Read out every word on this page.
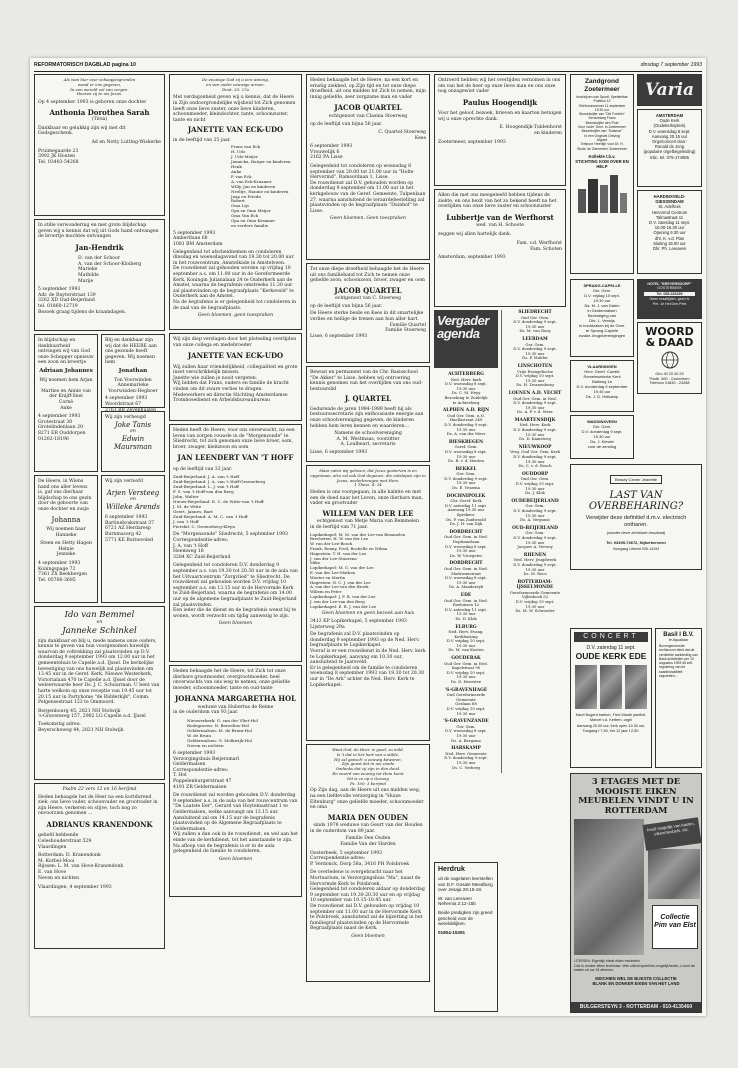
REFORMATORISCH DAGBLAD pagina 10	dinsdag 7 september 1993
Als wan hier over schaapjesgronden
wand er ons gegeven,
In een wereld vol van zorgen.
Heeren zij te uw Jezus.
Op 4 september 1993 is geboren onze dochter
Anthonia Dorothea Sarah
(Tirsa)
Dankbaar en gelukkig zijn wij met dit Godsgeschenk.
Ad en Netty Lutting-Wiskerke
Pruimegaarde 23
3992 JK Houten
Tel. 03403-54268
In stille verwondering en met grote blijdschap geven wij u kennis dat wij uit Gods hand ontvangen de broertje muchtes ontvangen
Jan-Hendrik
D. van der Schoor
A. van der Schoor-Kloiberg
Marieke
Mathilde
Marije
5 september 1993
Adr. de Ruyterstraat 139
3262 XD Oud-Beijerland
tel. 01860-12719
Bezoek graag tijdens de kraamdagen.
In blijdschap en dankbaarheid ontvingen wij van God onze Schepper opnieuw een zoon en broertje
Adriaan Johannes
Wij noemen hem Arjan

Marties en Annie van der Knijff-Snel
Cornè
Anke
4 september 1993
Grotestraat 30
Grotelindenlaan 20
8271 ER Ouddorpen
01202-18196
Blij en dankbaar zijn wij dat de HEERE aan ons gezonde heeft gegeven. Wij noemen hem
Jonathan
Ton Voorwinden
Annemarieke
Voorwinden-Hegboer
4 september 1993
Woordstraat 67
2761 BB Zevenhuizen
Wij zijn verheugd
Joke Tanis
en
Edwin Maursman
De Heere, in Wiens hand ons aller levens is, gaf ons dierbaar blijdschap te ons gezin door de geboorte van onze dochter en zusje
Johanna
Wij noemen haar
Hanneke
Steen en Hetty Hagen
Helnie
Jenneke
4 september 1993
Koningspage 72
7361 ZX Beekbergen
Tel. 05766-3685
Wij zijn verloofd
Arjen Versteeg
en
Willeke Arends
6 september 1993
Bartinebrakstraat 37
6721 AZ Herdaresp
Burnmacerg 42
5771 KE Burnevoled
Ido van Bemmel
en
Janneke Schinkel
zijn dankbaar en blij u, mede namens onze ouders, kennis te geven van hun voorgenomen huwelijk waarvan de voltrekking zal plaatsvinden op D.V. donderdag 9 september 1993 om 12.00 uur in het gemeentehuis te Capelle a.d. IJssel. De kerkelijke bevestiging van ons huwelijk zal plaatsvinden om 13.45 uur in de Geref. Kerk, Nieuwe Westerkerk, Victorialaan 470 te Capelle a.d. IJssel door de weleerwaarde heer Ds. J. C. Schuurman. U bent van harte welkom op onze receptie van 19.45 uur tot 20.15 uur in Partyhome "de Ridderkijk", Comm. Pelgensestraat 123 te Ommoord.
Bergenbourg 45, 2821 NH Stolwijk
's-Gravenweg 157, 2902 LG Capelle a.d. IJssel
Toekomstig adres:
Beyerscheweg 44, 2821 NH Stolwijk
Psalm 22 vers 12 en 16 berijmd
Heden behaagde het de Heer na een kortdurend ziek, ons lieve vader, schoonvader en grootvader in zijn Heere, verkeren en stijve, toch nog zo onvoorzien genomen ...
ADRIANUS KRANENDONK
geliefd hebbende
Celeshouderstraat 529
Vlaardingen
Rotterdam: D. Kranendonk
M. Korbel-Mooi
Rijssen: L. M. van Hove-Kranendonk
E. van Hove
Neven en nichten
Vlaardingen, 4 september 1993
De eeuwige God zij u een woning,
en van onder eeuwige armen.
Deut. 33: 27a
Met verdagonheid geven wij u kennis, dat de Heere in Zijn ondoorgrondelijke wijsheid tot Zich genomen heeft onze lieve zuster, onze lieve kinderen, schoonmoeder, kleindochter, tante, schoonzuster, tante en nicht
JANETTE VAN ECK-UDO
in de leeftijd van 25 jaar.
Frans van Eck
H. Udo
J. Udo-Meijer
Jannicka, Rutger en kinderen
Henk
Anke
P. van Eck
A. van Eck-Kraamer
Willy, Jan en kinderen
Neeltje, Hannie en kinderen
Jaap en Frieda
Robert
Oma Lijs
Opa en Oma Meijer
Oma Van Eck
Opa en Oma Kraamer
en verdere familie
5 september 1993
Ambertlaan 68
1081 BM Amsterdam
Gelegenheid tot afscheidnemen en condoleren dinsdag en woensdagavond van 19.30 tot 20.00 uur in het rouwcentrum, Amstelkade in Amstelveen.
De rouwdienst zal gehouden worden op vrijdag 10 september a.s. om 11.00 uur in de Gereformeerde Kerk, Koningin Julianalaan 24 te Ouderkerk aan de Amstel, waarna de begrafenis omstreeks 11.30 uur zal plaatsvinden op de begraafplaats "Kerkeveld" te Ouderkerk aan de Amstel.
Na de begrafenis is er gelegenheid tot condoleren in de zaal van de begraafplaats.
Geen bloemen, geen toespraken
Wij zijn diep verslagen door het plotseling overlijden van onze collega en medebroeder
JANETTE VAN ECK-UDO
Wij zullen haar vriendelijkheid, collegialiteit en grote inzet verschrikkelijk missen.
Janette wie zullen je nooit vergeten.
Wij bidden dat Frans, ouders en familie de kracht vinden om dit zware verlies te dragen.
Medewerkers en directie Stichting Amsterdamse Trombosedienst en Arbeidsbureaubureau
Heden heeft de Heere, voor ons onverwacht, na een leven van zorgen rouwde in de "Morgenzonde" te Sliedrecht, tot zich genomen onze lieve broer, oom, broer, zwager, kleinzoon en oom
JAN LEENDERT VAN 'T HOFF
op de leeftijd van 32 jaar.
Zuid-Beijerland: J. A. van 't Hoff
Zuid-Beijerland: J. A. van 't Hoff-Groeneberg
Zuid-Beijerland: L. J. van 't Hoff
F. S. van 't Hoff-van den Berg
John, Walter
Nieuw-Beijerland: E. C. de Witte-van 't Hoff
J. M. de Witte
Geert, Jannes, Bart
Zuid-Beijerland: A. M. C. van 't Hoff
J. van 't Hoff
Piershil: C. Groeneberg-Kleyn
De "Morgenzonde" Sliedrecht, 5 september 1993
Correspondentie-adres:
J. A. van 't Hoff
Heemweg 18
3284 XC Zuid-Beijerland
Gelegenheid tot condoleren D.V. donderdag 9 september a.s. van 19.30 tot 20.30 uur in de aula van het Uitvaartcentrum "Zorgvlied" te Sliedrecht. De rouwdienst zal gehouden worden D.V. vrijdag 10 september a.s. om 13.15 uur in de Hervormde Kerk te Zuid-Beijerland, waarna de begrafenis om 14.00 uur op de algemene begraafplaats te Zuid-Beijerland zal plaatsvinden.
Een ieder die de dienst en de begrafenis wenst bij te wonen, wordt verzocht om tijdig aanwezig te zijn.
Geen bloemen
Heden behaagde het de Heere, tot Zich tot onze dierbare grootmoeder, overgrootmoeder, heel onverwachts van ons weg te nemen, onze geliefde moeder, schoonmoeder, tante en oud-tante
JOHANNA MARGARETHA HOL
weduwe van Hubertus de Reime
in de ouderdom van 93 jaar.
Nieuwerkerk: G. van der Vliet-Hol
Bodegraven: N. Boreelius-Hol
Geldermalsen: M. de Bruin-Hol
W. de Bruin
Geldermalsen: G. Molkwijk-Hol
Neven en nichten
6 september 1993
Verzorgingshuis Beijersmarl
Geldermalsen
Correspondentie-adres:
T. Hol
Poppelenburgerstraat 47
4191 ZR Geldermalsen
De rouwdienst zal worden gehouden D.V. donderdag 9 september a.s. in de aula van het rouwcentrum van "De Laatste Eer", Gerard van Hoytemastraat 1 te Geldermalsen, welke aanvangt om 13.15 uur.
Aansluitend zal om 14.15 uur de begrafenis plaatsvinden op de Algemene Begraafplaats te Geldermalsen.
Wij zullen u dan ook in de rouwdienst, en wel aan het einde van de kerkdienst, tot het aanstaande te zijn.
Na afloop van de begrafenis is er in de aula gelegenheid de familie te condoleren.
Geen bloemen
Heden behaagde het de Heere, na een kort en ernstig ziekbed, op Zijn tijd en tot onze diepe droefheid, uit ons midden tot Zich te nemen, mijn innig geliefde, zeer zorgzame man en vader
JACOB QUARTEL
echtgenoot van Clasina Stoerweg
op de leeftijd van bijna 56 jaar.
C. Quartel-Stoerweg
Kees
6 september 1993
Vrouwelijk 6
2162 PA Lisse
Gelegenheid tot condoleren op woensdag 8 september van 20.00 tot 21.00 uur in "Holte Hervormd", Ramsordaan 1, Lisse.
De rouwdienst zal D.V. gehouden worden op donderdag 9 september om 11.00 uur in het kerkgebouw van de Geref. Gemeente, Tulpenlaan 27, waarna aansluitend de teraardebestelling zal plaatsvinden op de begraafplaats "Duinhof" te Lisse.
Geen bloemen. Geen toespraken
Tot onze diepe droefheid behaagde het de Heere uit ons familieband tot Zich te nemen onze geliefde zoon, schoonzoon, broer, zwager en oom
JACOB QUARTEL
echtgenoot van C. Stoerweg
op de leeftijd van bijna 56 jaar.
De Heere sterke beide en Kees in dit smartelijke verlies en heilige de trenen aan hun aller hart.
Familie Quartel
Familie Stoerweg
Lisse, 6 september 1993
Bewust en permanent van de Chr. Basisschool "De Akker" te Lisse, hebben wij ontroering kennis genomen van het overlijden van ons oud-bestuurslid
J. QUARTEL
Gedurende de jaren 1984-1989 heeft hij als bestuurssecretaris zijn enthousiaste energie aan onze schoolvereniging gegeven, de kinderen hebben hem leren kennen en waarderen...
Namens de schoolvereniging
A. M. Westmaas, voorzitter
A. Loulbeart, secretaris
Lisse, 6 september 1993
Maar zalen wij geloven, dat Jezus gestorven is en opgestaan, alzo zal ook God degenen, die ontslapen zijn in Jezus, wederbrengen met Hem.
1 Thess. 4: 14
Heden is ons voorgegaan, in alle kalmte en met een de doed naar het Leven, onze dierbare man, vader en grootvader
WILLEM VAN DER LEE
echtgenoot van Metje Maria van Bemmelen
in de leeftijd van 71 jaar.
Lopikerkapel: M. M. van der Lee-van Bemmelen
Brecheren: H. W. van der Lee
W. van der Lee-Bosch
Frank, Ronny, Fred, Rochelle en Wilma
Hagestein: T. H. van der Lee
J. van der Lee-Stuurenn
Mike
Lopikerkapel: M. G. van der Lee
E. van der Lee-Mathen
Wouter en Martin
Hagestein: N. C. J. van der Lee
A. van der Lee-van den Broek
Willem en Peter
Lopikerkapel: J. F. R. van der Lee
J. van der Lee-van den Berg
Lopikerkapel: E. R. J. van der Lee
Geen bloemen en geen bezoek aan huis
3412 KP Lopikerkapel, 5 september 1993
Lijsterweg 29a
De begrafenis zal D.V. plaatsvinden op donderdag 9 september 1993 op de Ned. Herv. begraafplaats te Lopikerkapel.
Vooraf is er een rouwdienst in de Ned. Herv. kerk te Lopikerkapel, aanvang om 10.30 uur, aansluitend te Jaarsveld.
Er is gelegenheid om de familie te condoleren woensdag 8 september 1993 van 19.30 tot 20.30 uur in "De Ark" achter de Ned. Herv. Kerk te Lopikerkapel.
Want God, de Heer, is goed, zo mild,
Is 't dat in het hart van u stilde,
Hij zal gansch' u eeuwig bewaren,
Zijn gunst dat in uw zonde
Ondanks dat zij zijn in den dood.
En woord van eeuwig tot Hem komt
Dit is zo op u Gesong
Ps. 100: 3 berijmd
Op Zijn dag, aan de Heere uit ons midden weg, na een liefdevolle verzorging in "Huize Eltenburg" onze geliefde moeder, schoonmoeder en oma
MARIA DEN OUDEN
sinds 1978 weduwe van Geurt van der Houden
in de ouderdom van 89 jaar.
Familie Den Ouden
Familie Van der Harden
Oosterbeek, 5 september 1993
Correspondentie-adres:
P. Verdonck, Dorp 58a, 3416 PH Polsbroek
De overledene is overgebracht naar het Mortuarium, in Verzorgingshuis "Ma", naast de Hervormde Kerk te Polsbroek.
Gelegenheid tot condoleren aldaar op donderdag 9 september van 19.30-20.30 uur en op vrijdag 10 september van 10.15-10.45 uur.
De rouwdienst zal D.V. gehouden op vrijdag 10 september om 11.00 uur in de Hervormde Kerk te Polsbroek, aansluitend zal de bijzetting in het familiegraf plaatsvinden op de Hervormde Begraafplaats naast de Kerk.
Geen bloemen
Ontroerd hebben wij het overlijden vernomen in ons om van het de heer op onze lieve man en ons onze nog onzagewiet vader
Paulus Hoogendijk
Voor het geloof, bezoek, brieven en kaarten betuigen wij u onze oprechte dank.
E. Hoogendijk-Tuldenhorst
en kinderen
Zoetermeer, september 1993
Allen die met ons meegeleefd hebben tijdens de ziekte, en ons bezit van het zo bekend heeft na het overlijden van onze lieve zuster en schoonzuster
Lubbertje van de Werfhorst
wed. van H. Schoote
zeggen wij allen hartelijk dank.
Fam. v.d. Werfhorst
Fam. Schoten
Amsterdam, september 1993
Vergaderagenda
ACHTERBERG
Ned. Herv. kerk
D.V. woensdag 8 sept.
19.30 uur
Ds. C. M. Heyy
Bezoeking te Zuidelijk
te Achterberg
ALPHEN A.D. RIJN
Oud Ger. Gem. n.N.
Haellastraat 249
D.V. donderdag 9 sept.
19.30 uur
Ds. A. van der Meer
BIESKREGEN
Geref. Gem.
D.V. woensdag 8 sept.
19.30 uur
Ds. R. v. d. Houten
BEKKEL
Ger. Gem.
D.V. donderdag 9 sept.
19.30 uur
Ds. E. Venema
DOCHNIPOLEK
Chr. Geref. Kerk
D.V. zaterdag 11 sept.
Aanvang 19.30 uur
Sprekers:
Ds. P. van Zuidwoold
Ds. J. H. van Dijk
DORDRECHT
Oud Ger. Gem. in Ned.
Noptimaslaan
D.V. woensdag 8 sept.
19.30 uur
Ds. W. Vroegeter
DORDRECHT
Oud Ger. Gem. in Ned.
Madrusmstraat
D.V. woensdag 8 sept.
19.30 uur
Ds. A. Mandeeryk
EDE
Oud Ger. Gem. in Ned.
Roehuizen 12
D.V. zaterdag 11 sept.
19.30 uur
Ds. D. Klok
ELBURG
Ned. Herv. Evang.
Kerkbuizing
D.V. vrijdag 10 sept.
19.30 uur
Ds. M. van Kooten
GOUDERAK
Oud Ger. Gem. in Ned.
Kapelstraat 90
D.V. vrijdag 10 sept.
19.30 uur
Ds. D. Heerstee
'S-GRAVENHAGE
Oud Gereformeerde
Gemeente
Gezlaan 68
D.V. vrijdag 10 sept.
19.30 uur
'S-GRAVENZANDE
Ger. Gem.
D.V. woensdag 8 sept.
19.30 uur
Ds. A. Bergsma
HARSKAMP
Ned. Herv. Gemeente
D.V. donderdag 9 sept.
19.30 uur
Ds. C. Verberg
SLIEDRECHT
Oud Ger. Gem.
D.V. donderdag 9 sept.
19.30 uur
Ds. M. van Rooy
LEERDAM
Ger. Gem.
D.V. donderdag 9 sept.
19.30 uur
Ds. P. Mulder
LINSCHOTEN
Vrije Evangelische
D.V. vrijdag 10 sept.
19.30 uur
Ds. H. Zwanenburg
LOENEN A.D. VECHT
Oud Ger. Gem. in Ned.
D.V. donderdag 9 sept.
19.30 uur
Ds. A. P. v. d. Meer
MAARTENSDIJK
Ned. Herv. Kerk
D.V. donderdag 9 sept.
19.30 uur
Ds. D. Kamsteeg
NIEUWKOOP
Verg. Oud Ger. Gem. Kerk
D.V. donderdag 9 sept.
19.30 uur
Ds. C. v. d. Bosch
OUDDORP
Oud Ger. Gem.
D.V. vrijdag 10 sept.
19.30 uur
Ds. J. Klok
OUDEBEIJERLAND
Ger. Gem.
D.V. donderdag 9 sept.
19.30 uur
Ds. A. Vergunst
OUD-BEIJERLAND
Ger. Gem.
D.V. donderdag 9 sept.
19.30 uur
Jacques A. Verwey
RHENEN
Ned. Herv. Jeugdwerk
D.V. donderdag 9 sept.
19.30 uur
Ds. M. Roos
ROTTERDAM-IJSSELMONDE
Gereformeerde Gemeente
Vijlenhoek 52
D.V. vrijdag 10 sept.
19.30 uur
Ds. M. W. Schroeder
Herdruk
uit de nagelaten leerstellen van D.F. Gosale Meedburg over Jesaja 26:15-18.
W. van Leeuwen
Nehemia 2:12-15b
Beide predigken zijn greed gescheid voor de wereldelijken.
01804-15391
Zandgrond Zoetermeer
Inschrijven van Sportf. Spetterklas
Postbus 12
Telefoonnummer 11 september
19.30 uur
Bezoekcijfer van "Die Fontein"
Serviceweg Frans
Bezoekcijfer den Post
Voor 'oude' Gem. in Zoetermeer
Bezoekcijfer van "Solamar"
In een Ongeval Ontving
Algoed
Trefpunt 'Heerlijk' voor Dr. H.
Sinds 'de Gemeeten' Zoetermeer
Kollekte t.b.v.
STICHTING KOM OVER EN HELP
Varia
AMSTERDAM
Oude Kerk
(Oudekerksplein)
D.V. woensdag 8 sept.
Aanvang 20.15 uur
Orgelconcert door:
Ronald de Jong
(populaire orgelbegeleiding)
Inlic. tel. 075-174685
HARDINXVELD-GIESSENDAM
St. Adelhuis
Hervormd Centrum
Talmastraat 11
D.V. zaterdag 11 sept.
10.00-16.30 uur
Opening 9.30 uur
dhr. K. v.d. Plas
Sluiting 16.00 uur
Dhr. Ph. Leeuwen
SPRANG-CAPELLE
Ger. Gem.
D.V. vrijdag 10 sept.
19.30 uur
Ds. M. J. van Dalen
in Geldermalsen
Bevestiging van
Dhr. L. Verwijs
In hoofdzaken bij de Gem.
te Sprang-Capelle
inzake Jeugdverenigingen
VLAARDINGEN
Herv. Geref. Comité
Romeinsekerke Kerk
Baltweg 1a
D.V. donderdag 9 september
19.45 uur
Ds. J. D. Heikamp
WADDINXVEEN
Ger. Gem.
D.V. donderdag 9 sept.
19.30 uur
Ds. J. Kieviet
voor de zending
HOTEL "BREYERSDORP"
OOSTERBEEK
Tel. 085-333189
Geen maaltijden, geen tv
Per. 1e Hei Den Peel
WOORD & DAAD
Giro 40 20 40 25
Postb. 560 - Gorinchem
Telefoon 01830 - 24288
Beauty Center Jeanette
LAST VAN OVERBEHARING?
Verwijder deze definitief d.m.v. electrisch ontharen.
(zonder deze zichtbare resultaat)
Tel. 03495-73672, Nijkerkerveen
Voorgang Utrecht 036-14194
CONCERT
D.V. zaterdag 11 sept.
OUDE KERK EDE
Karel Bogerd bariton, Fred Mante panfluit,
Marcel v.d. Kettern, orgel
Aanvang 20.00 uur, kerk open 19.30 uur.
Toegang f 7,50, t/m 12 jaar f 2,50.
Basil I B.V.
te Aquabaar
Bovengenoemde rechtsvorm dient dat de verdeelde aanbieding van Basil activiteiten per 10 augustus 1993 dit zelf-regulering van de kaartinstabiliteit stopzetten...
3 ETAGES MET DE MOOISTE EIKEN MEUBELEN VINDT U IN ROTTERDAM
Inruil mogelijk van kasten, eikenmeubels, etc.
Collectie
Pim van Elst
LITERIEN: Eigentijk blank eiken meubelen
Ook is donker eiken leverbaar. Vele uiterst speelfoto-mogelijkheden, u kunt de kasten uit uw 15 afmeren.
MISCHIEN WEL DE BIJKSTE COLLECTIE
BLANK EN DONKER EIKEN VAN HET LAND
BULGERSTEYN 3 - ROTTERDAM - 010-4135460
